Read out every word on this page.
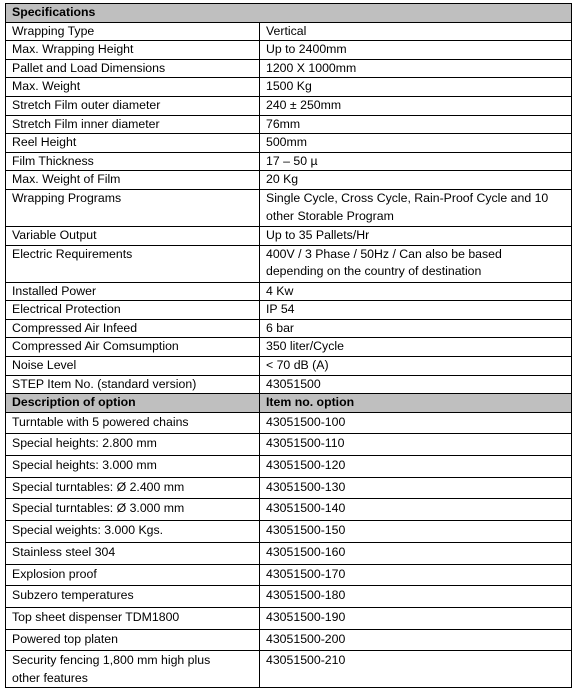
Specifications	
Wrapping Type	Vertical
Max. Wrapping Height	Up to 2400mm
Pallet and Load Dimensions	1200 X 1000mm
Max. Weight	1500 Kg
Stretch Film outer diameter	240 ± 250mm
Stretch Film inner diameter	76mm
Reel Height	500mm
Film Thickness	17 – 50 µ
Max. Weight of Film	20 Kg
Wrapping Programs	Single Cycle, Cross Cycle, Rain-Proof Cycle and 10
other Storable Program
Variable Output	Up to 35 Pallets/Hr
Electric Requirements	400V / 3 Phase / 50Hz / Can also be based
depending on the country of destination
Installed Power	4 Kw
Electrical Protection	IP 54
Compressed Air Infeed	6 bar
Compressed Air Comsumption	350 liter/Cycle
Noise Level	< 70 dB (A)
STEP Item No. (standard version)	43051500
Description of option	Item no. option
Turntable with 5 powered chains	43051500-100
Special heights: 2.800 mm	43051500-110
Special heights: 3.000 mm	43051500-120
Special turntables: Ø 2.400 mm	43051500-130
Special turntables: Ø 3.000 mm	43051500-140
Special weights: 3.000 Kgs.	43051500-150
Stainless steel 304	43051500-160
Explosion proof	43051500-170
Subzero temperatures	43051500-180
Top sheet dispenser TDM1800	43051500-190
Powered top platen	43051500-200
Security fencing 1,800 mm high plus
other features	43051500-210
